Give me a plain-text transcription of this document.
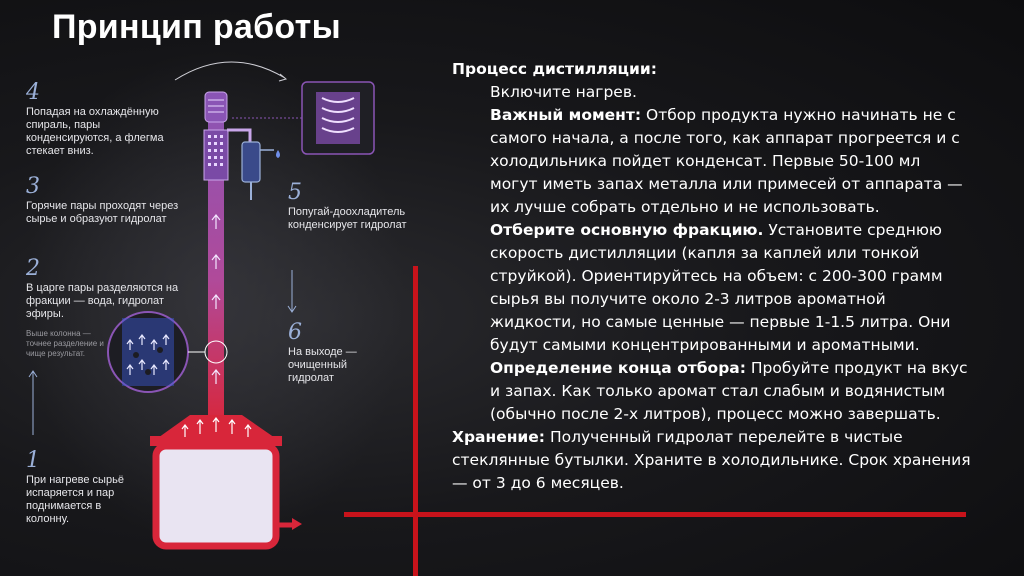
Принцип работы
4
Попадая на охлаждённую спираль, пары конденсируются, а флегма стекает вниз.
3
Горячие пары проходят через сырье и образуют гидролат
2
В царге пары разделяются на фракции — вода, гидролат эфиры.
Выше колонна — точнее разделение и чище результат.
1
При нагреве сырьё испаряется и пар поднимается в колонну.
5
Попугай-доохладитель конденсирует гидролат
6
На выходе — очищенный гидролат

Процесс дистилляции:

Включите нагрев.

Важный момент: Отбор продукта нужно начинать не с самого начала, а после того, как аппарат прогреется и с холодильника пойдет конденсат. Первые 50-100 мл могут иметь запах металла или примесей от аппарата — их лучше собрать отдельно и не использовать.

Отберите основную фракцию. Установите среднюю скорость дистилляции (капля за каплей или тонкой струйкой). Ориентируйтесь на объем: с 200-300 грамм сырья вы получите около 2-3 литров ароматной жидкости, но самые ценные — первые 1-1.5 литра. Они будут самыми концентрированными и ароматными.

Определение конца отбора: Пробуйте продукт на вкус и запах. Как только аромат стал слабым и водянистым (обычно после 2-х литров), процесс можно завершать.

Хранение: Полученный гидролат перелейте в чистые стеклянные бутылки. Храните в холодильнике. Срок хранения — от 3 до 6 месяцев.
